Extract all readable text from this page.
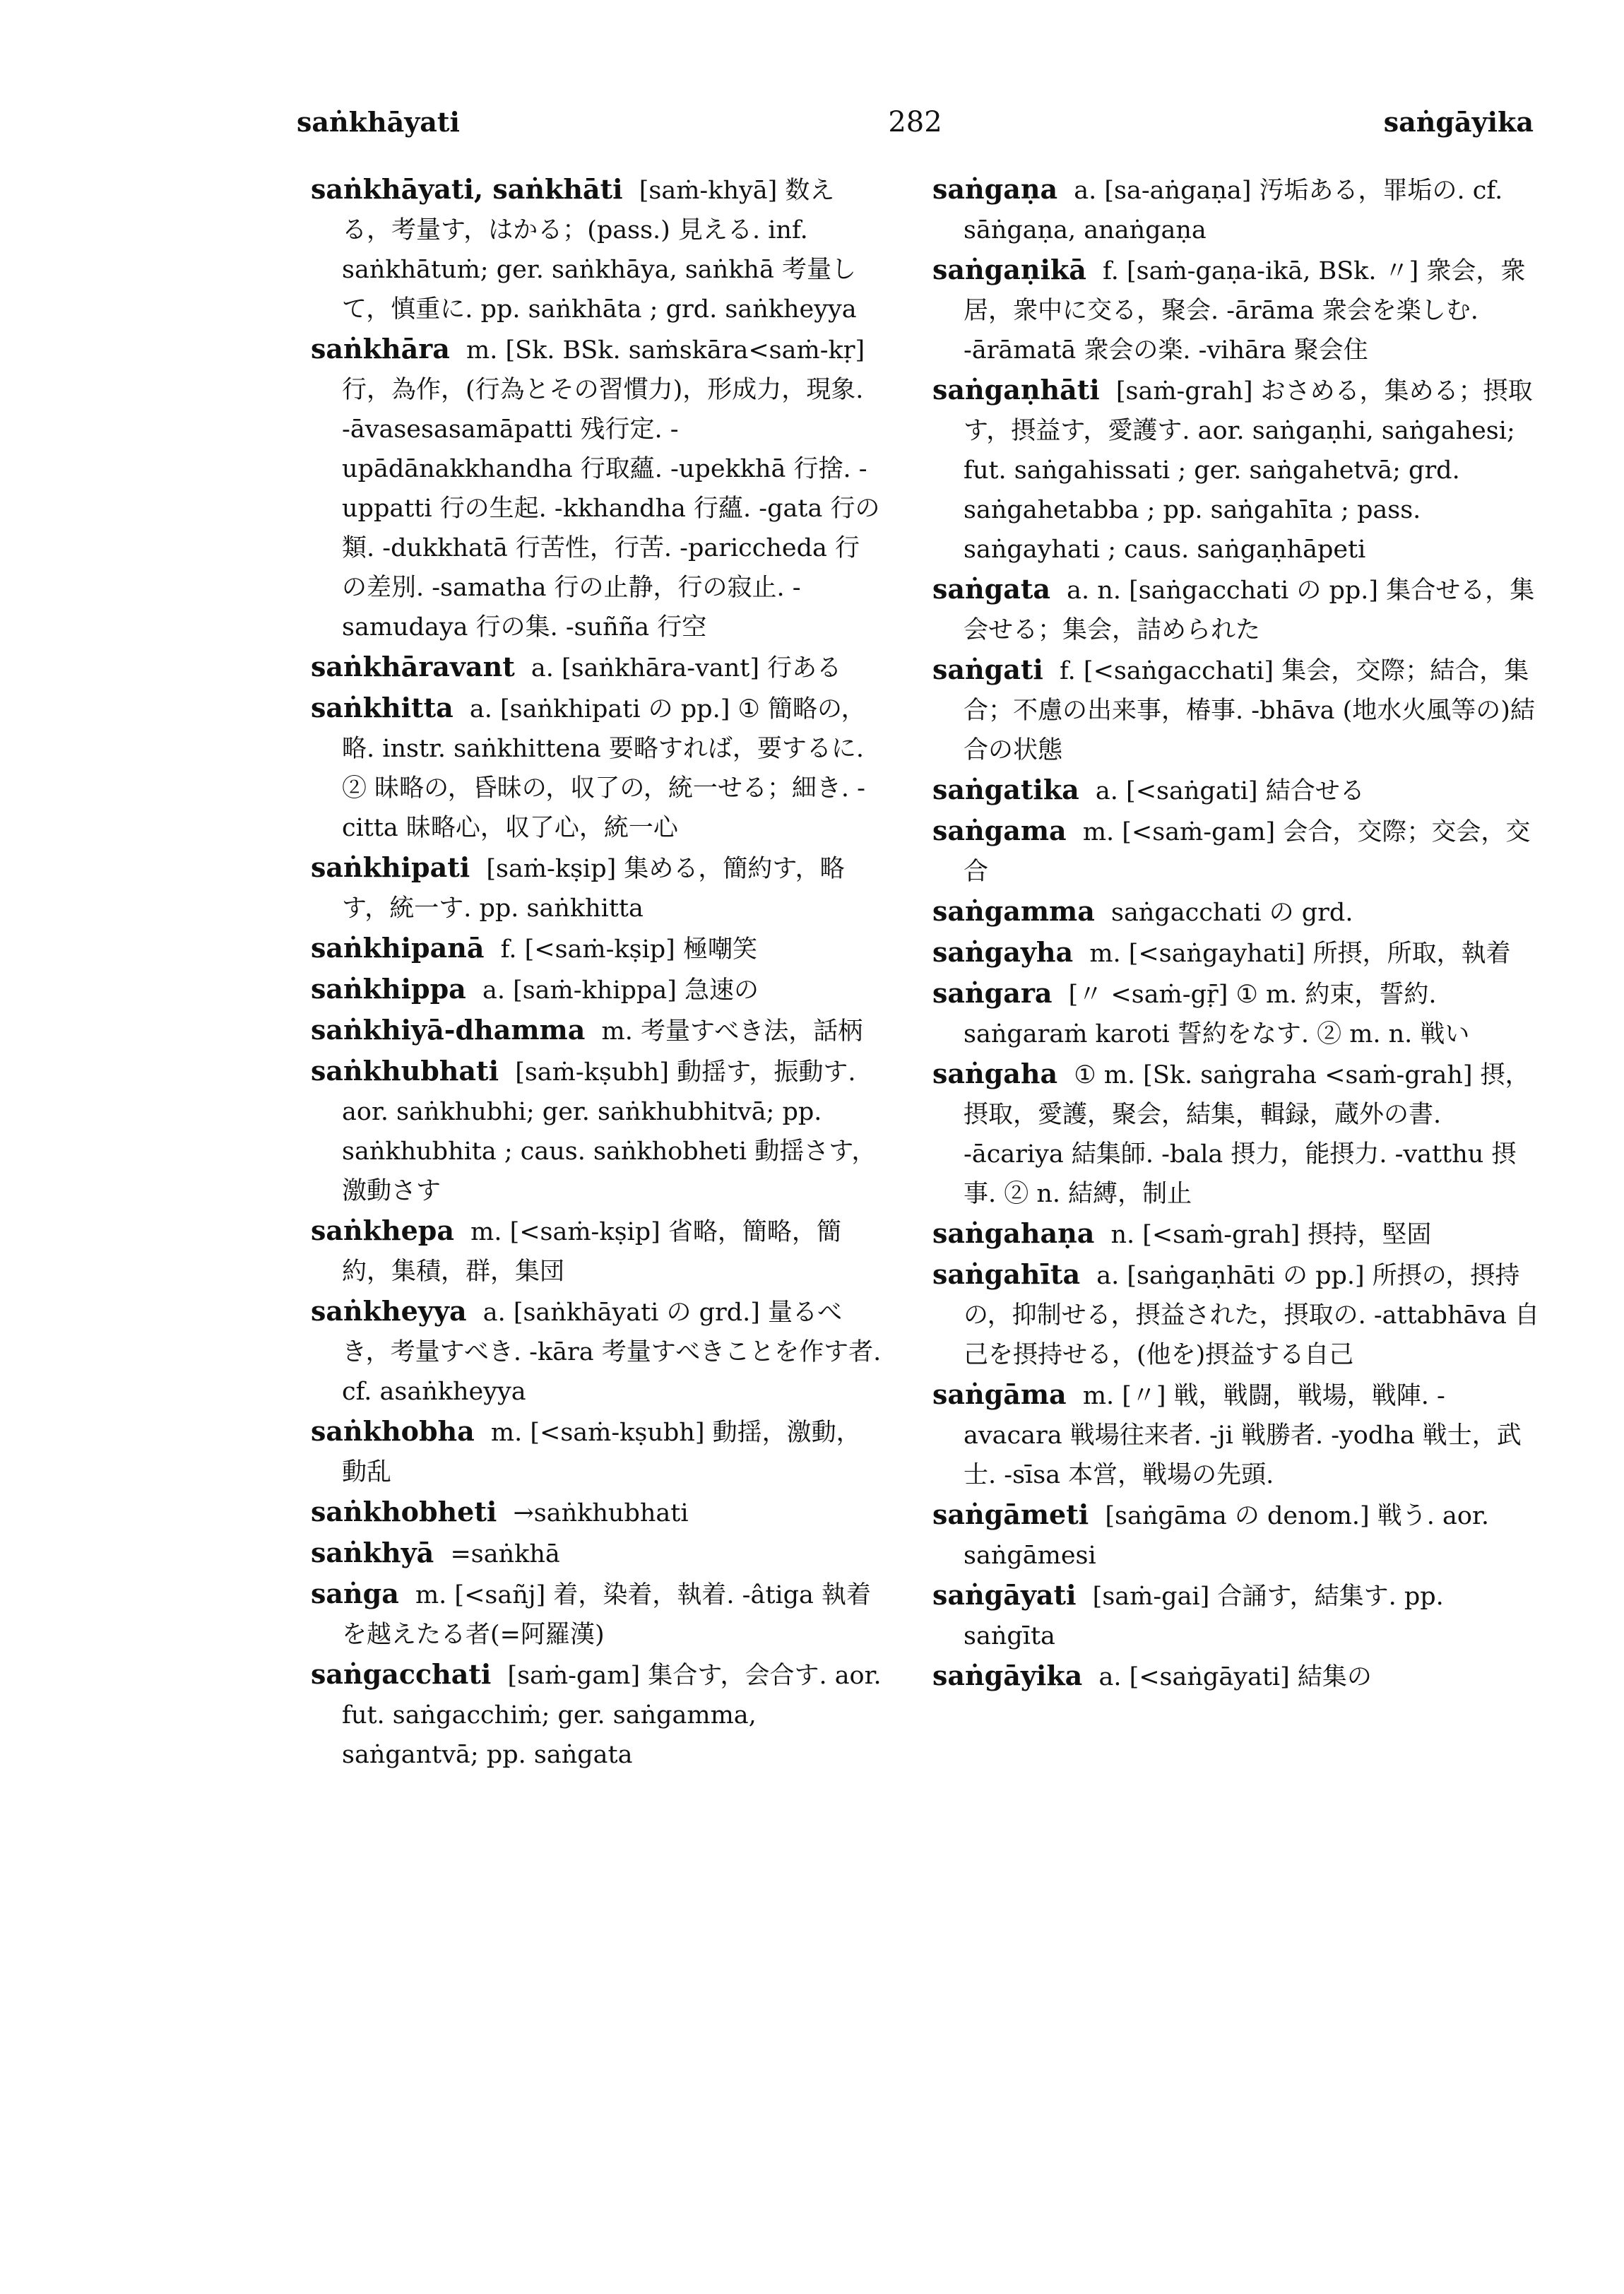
saṅkhāyati	282	saṅgāyika
saṅkhāyati, saṅkhāti [saṁ-khyā] 数える，考量す，はかる；(pass.) 見える. inf. saṅkhātuṁ; ger. saṅkhāya, saṅkhā 考量して，慎重に. pp. saṅkhāta ; grd. saṅkheyya
saṅkhāra m. [Sk. BSk. saṁskāra<saṁ-kṛ] 行，為作，(行為とその習慣力)，形成力，現象. -āvasesasamāpatti 残行定. -upādānakkhandha 行取蘊. -upekkhā 行捨. -uppatti 行の生起. -kkhandha 行蘊. -gata 行の類. -dukkhatā 行苦性，行苦. -pariccheda 行の差別. -samatha 行の止静，行の寂止. -samudaya 行の集. -suñña 行空
saṅkhāravant a. [saṅkhāra-vant] 行ある
saṅkhitta a. [saṅkhipati の pp.] ① 簡略の，略. instr. saṅkhittena 要略すれば，要するに. ② 昧略の，昏昧の，収了の，統一せる；細き. -citta 昧略心，収了心，統一心
saṅkhipati [saṁ-kṣip] 集める，簡約す，略す，統一す. pp. saṅkhitta
saṅkhipanā f. [<saṁ-kṣip] 極嘲笑
saṅkhippa a. [saṁ-khippa] 急速の
saṅkhiyā-dhamma m. 考量すべき法，話柄
saṅkhubhati [saṁ-kṣubh] 動揺す，振動す. aor. saṅkhubhi; ger. saṅkhubhitvā; pp. saṅkhubhita ; caus. saṅkhobheti 動揺さす，激動さす
saṅkhepa m. [<saṁ-kṣip] 省略，簡略，簡約，集積，群，集団
saṅkheyya a. [saṅkhāyati の grd.] 量るべき，考量すべき. -kāra 考量すべきことを作す者. cf. asaṅkheyya
saṅkhobha m. [<saṁ-kṣubh] 動揺，激動，動乱
saṅkhobheti →saṅkhubhati
saṅkhyā =saṅkhā
saṅga m. [<sañj] 着，染着，執着. -âtiga 執着を越えたる者(=阿羅漢)
saṅgacchati [saṁ-gam] 集合す，会合す. aor. fut. saṅgacchiṁ; ger. saṅgamma, saṅgantvā; pp. saṅgata
saṅgaṇa a. [sa-aṅgaṇa] 汚垢ある，罪垢の. cf. sāṅgaṇa, anaṅgaṇa
saṅgaṇikā f. [saṁ-gaṇa-ikā, BSk. 〃] 衆会，衆居，衆中に交る，聚会. -ārāma 衆会を楽しむ. -ārāmatā 衆会の楽. -vihāra 聚会住
saṅgaṇhāti [saṁ-grah] おさめる，集める；摂取す，摂益す，愛護す. aor. saṅgaṇhi, saṅgahesi; fut. saṅgahissati ; ger. saṅgahetvā; grd. saṅgahetabba ; pp. saṅgahīta ; pass. saṅgayhati ; caus. saṅgaṇhāpeti
saṅgata a. n. [saṅgacchati の pp.] 集合せる，集会せる；集会，詰められた
saṅgati f. [<saṅgacchati] 集会，交際；結合，集合；不慮の出来事，椿事. -bhāva (地水火風等の)結合の状態
saṅgatika a. [<saṅgati] 結合せる
saṅgama m. [<saṁ-gam] 会合，交際；交会，交合
saṅgamma saṅgacchati の grd.
saṅgayha m. [<saṅgayhati] 所摂，所取，執着
saṅgara [〃 <saṁ-gṝ] ① m. 約束，誓約. saṅgaraṁ karoti 誓約をなす. ② m. n. 戦い
saṅgaha ① m. [Sk. saṅgraha <saṁ-grah] 摂，摂取，愛護，聚会，結集，輯録，蔵外の書. -ācariya 結集師. -bala 摂力，能摂力. -vatthu 摂事. ② n. 結縛，制止
saṅgahaṇa n. [<saṁ-grah] 摂持，堅固
saṅgahīta a. [saṅgaṇhāti の pp.] 所摂の，摂持の，抑制せる，摂益された，摂取の. -attabhāva 自己を摂持せる，(他を)摂益する自己
saṅgāma m. [〃] 戦，戦闘，戦場，戦陣. -avacara 戦場往来者. -ji 戦勝者. -yodha 戦士，武士. -sīsa 本営，戦場の先頭.
saṅgāmeti [saṅgāma の denom.] 戦う. aor. saṅgāmesi
saṅgāyati [saṁ-gai] 合誦す，結集す. pp. saṅgīta
saṅgāyika a. [<saṅgāyati] 結集の
